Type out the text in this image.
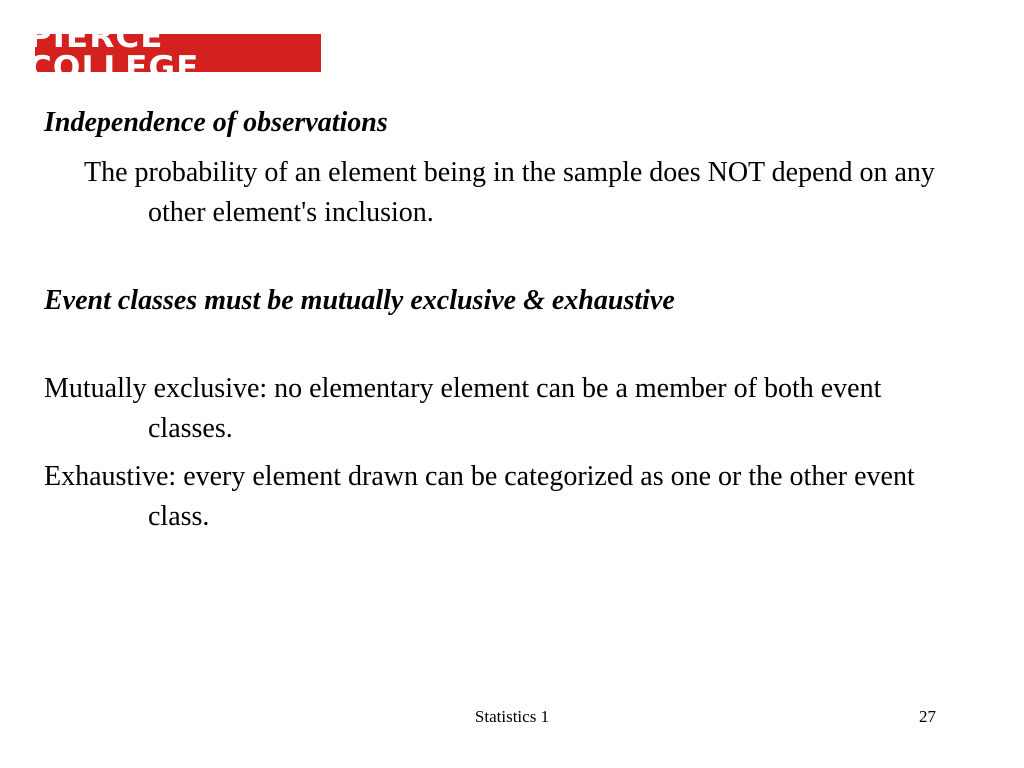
PIERCE COLLEGE

Independence of observations

The probability of an element being in the sample does NOT depend on any other element's inclusion.

Event classes must be mutually exclusive & exhaustive

Mutually exclusive: no elementary element can be a member of both event classes.

Exhaustive: every element drawn can be categorized as one or the other event class.

Statistics 1	27
